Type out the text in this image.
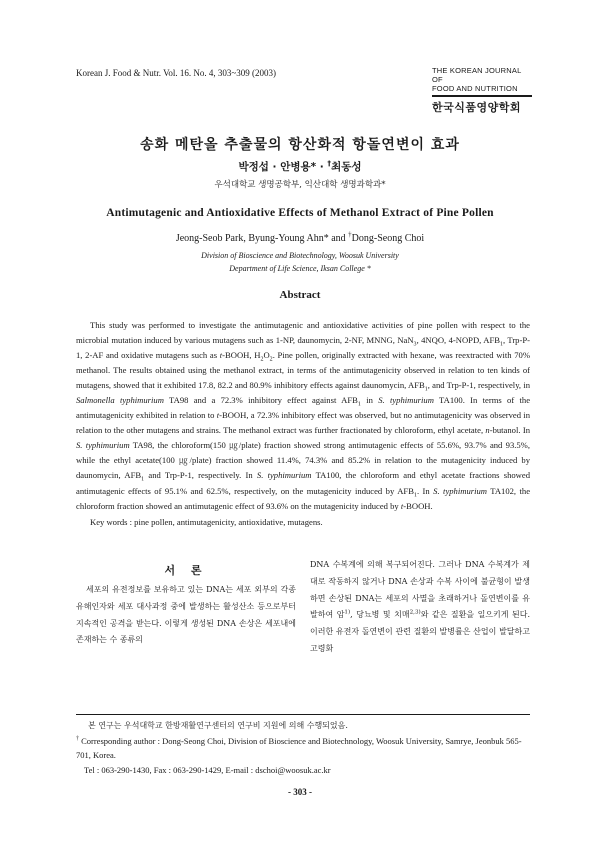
Korean J. Food & Nutr. Vol. 16. No. 4, 303~309 (2003)	THE KOREAN JOURNAL OF
FOOD AND NUTRITION
한국식품영양학회
송화 메탄올 추출물의 항산화적 항돌연변이 효과
박정섭 · 안병용* · †최동성
우석대학교 생명공학부, 익산대학 생명과학과*
Antimutagenic and Antioxidative Effects of Methanol Extract of Pine Pollen
Jeong-Seob Park, Byung-Young Ahn* and †Dong-Seong Choi
Division of Bioscience and Biotechnology, Woosuk University
Department of Life Science, Iksan College *
Abstract

This study was performed to investigate the antimutagenic and antioxidative activities of pine pollen with respect to the microbial mutation induced by various mutagens such as 1-NP, daunomycin, 2-NF, MNNG, NaN$_3$, 4NQO, 4-NOPD, $AFB_1$, Trp-P-1, 2-AF and oxidative mutagens such as t-BOOH, $H_2O_2$. Pine pollen, originally extracted with hexane, was reextracted with 70% methanol. The results obtained using the methanol extract, in terms of the antimutagenicity observed in relation to ten kinds of mutagens, showed that it exhibited 17.8, 82.2 and 80.9% inhibitory effects against daunomycin, $AFB_1$, and Trp-P-1, respectively, in Salmonella typhimurium TA98 and a 72.3% inhibitory effect against $AFB_1$ in S. typhimurium TA100. In terms of the antimutagenicity exhibited in relation to t-BOOH, a 72.3% inhibitory effect was observed, but no antimutagenicity was observed in relation to the other mutagens and strains. The methanol extract was further fractionated by chloroform, ethyl acetate, n-butanol. In S. typhimurium TA98, the chloroform(150 ㎍/plate) fraction showed strong antimutagenic effects of 55.6%, 93.7% and 93.5%, while the ethyl acetate(100 ㎍/plate) fraction showed 11.4%, 74.3% and 85.2% in relation to the mutagenicity induced by daunomycin, $AFB_1$ and Trp-P-1, respectively. In S. typhimurium TA100, the chloroform and ethyl acetate fractions showed antimutagenic effects of 95.1% and 62.5%, respectively, on the mutagenicity induced by $AFB_1$. In S. typhimurium TA102, the chloroform fraction showed an antimutagenic effect of 93.6% on the mutagenicity induced by t-BOOH.

Key words : pine pollen, antimutagenicity, antioxidative, mutagens.
서 론

세포의 유전정보를 보유하고 있는 DNA는 세포 외부의 각종 유해인자와 세포 대사과정 중에 발생하는 활성산소 등으로부터 지속적인 공격을 받는다. 이렇게 생성된 DNA 손상은 세포내에 존재하는 수 종류의

DNA 수복계에 의해 복구되어진다. 그러나 DNA 수복계가 제대로 작동하지 않거나 DNA 손상과 수복 사이에 불균형이 발생하면 손상된 DNA는 세포의 사멸을 초래하거나 돌연변이를 유발하여 암$^{1)}$, 당뇨병 및 치매$^{2,3)}$와 같은 질환을 일으키게 된다. 이러한 유전자 돌연변이 관련 질환의 발병률은 산업이 발달하고 고령화

본 연구는 우석대학교 한방재활연구센터의 연구비 지원에 의해 수행되었음.
† Corresponding author : Dong-Seong Choi, Division of Bioscience and Biotechnology, Woosuk University, Samrye, Jeonbuk 565-701, Korea.
Tel : 063-290-1430, Fax : 063-290-1429, E-mail : dschoi@woosuk.ac.kr
- 303 -
